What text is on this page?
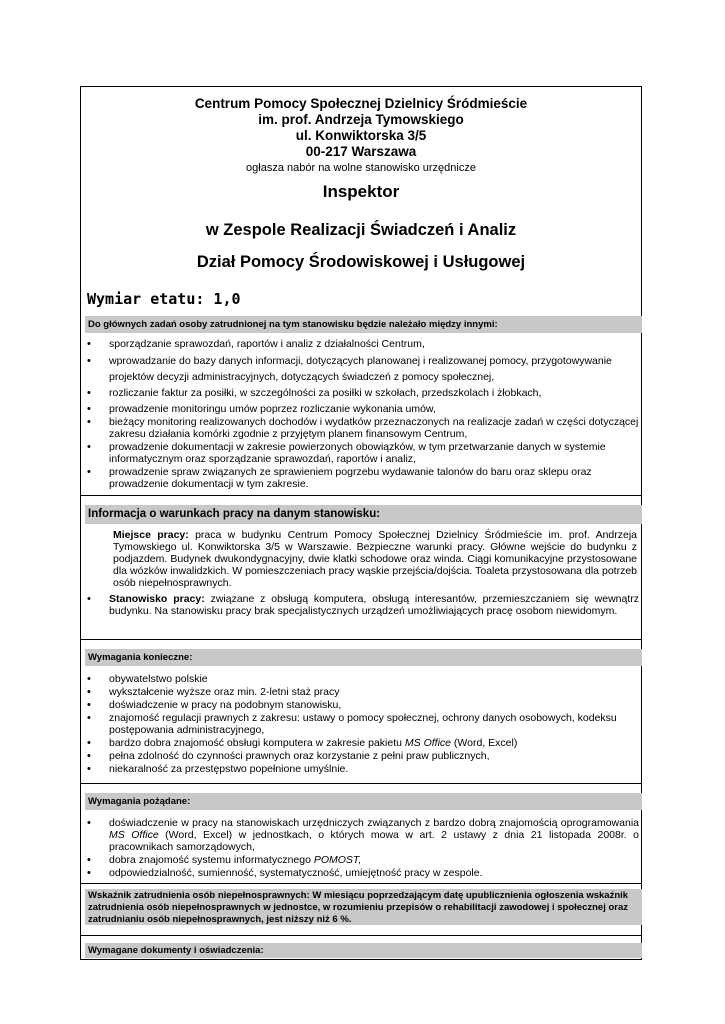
Centrum Pomocy Społecznej Dzielnicy Śródmieście
im. prof. Andrzeja Tymowskiego
ul. Konwiktorska 3/5
00-217 Warszawa
ogłasza nabór na wolne stanowisko urzędnicze
Inspektor
w Zespole Realizacji Świadczeń i Analiz
Dział Pomocy Środowiskowej i Usługowej
Wymiar etatu: 1,0
Do głównych zadań osoby zatrudnionej na tym stanowisku będzie należało między innymi:
• sporządzanie sprawozdań, raportów i analiz z działalności Centrum,
• wprowadzanie do bazy danych informacji, dotyczących planowanej i realizowanej pomocy, przygotowywanie projektów decyzji administracyjnych, dotyczących świadczeń z pomocy społecznej,
• rozliczanie faktur za posiłki, w szczególności za posiłki w szkołach, przedszkolach i żłobkach,
• prowadzenie monitoringu umów poprzez rozliczanie wykonania umów,
• bieżący monitoring realizowanych dochodów i wydatków przeznaczonych na realizacje zadań w części dotyczącej zakresu działania komórki zgodnie z przyjętym planem finansowym Centrum,
• prowadzenie dokumentacji w zakresie powierzonych obowiązków, w tym przetwarzanie danych w systemie informatycznym oraz sporządzanie sprawozdań, raportów i analiz,
• prowadzenie spraw związanych ze sprawieniem pogrzebu wydawanie talonów do baru oraz sklepu oraz prowadzenie dokumentacji w tym zakresie.
Informacja o warunkach pracy na danym stanowisku:
Miejsce pracy: praca w budynku Centrum Pomocy Społecznej Dzielnicy Śródmieście im. prof. Andrzeja Tymowskiego ul. Konwiktorska 3/5 w Warszawie. Bezpieczne warunki pracy. Główne wejście do budynku z podjazdem. Budynek dwukondygnacyjny, dwie klatki schodowe oraz winda. Ciągi komunikacyjne przystosowane dla wózków inwalidzkich. W pomieszczeniach pracy wąskie przejścia/dojścia. Toaleta przystosowana dla potrzeb osób niepełnosprawnych.
• Stanowisko pracy: związane z obsługą komputera, obsługą interesantów, przemieszczaniem się wewnątrz budynku. Na stanowisku pracy brak specjalistycznych urządzeń umożliwiających pracę osobom niewidomym.
Wymagania konieczne:
• obywatelstwo polskie
• wykształcenie wyższe oraz min. 2-letni staż pracy
• doświadczenie w pracy na podobnym stanowisku,
• znajomość regulacji prawnych z zakresu: ustawy o pomocy społecznej, ochrony danych osobowych, kodeksu postępowania administracyjnego,
• bardzo dobra znajomość obsługi komputera w zakresie pakietu MS Office (Word, Excel)
• pełna zdolność do czynności prawnych oraz korzystanie z pełni praw publicznych,
• niekaralność za przestępstwo popełnione umyślnie.
Wymagania pożądane:
• doświadczenie w pracy na stanowiskach urzędniczych związanych z bardzo dobrą znajomością oprogramowania MS Office (Word, Excel) w jednostkach, o których mowa w art. 2 ustawy z dnia 21 listopada 2008r. o pracownikach samorządowych,
• dobra znajomość systemu informatycznego POMOST,
• odpowiedzialność, sumienność, systematyczność, umiejętność pracy w zespole.
Wskaźnik zatrudnienia osób niepełnosprawnych: W miesiącu poprzedzającym datę upublicznienia ogłoszenia wskaźnik zatrudnienia osób niepełnosprawnych w jednostce, w rozumieniu przepisów o rehabilitacji zawodowej i społecznej oraz zatrudnianiu osób niepełnosprawnych, jest niższy niż 6 %.
Wymagane dokumenty i oświadczenia:
